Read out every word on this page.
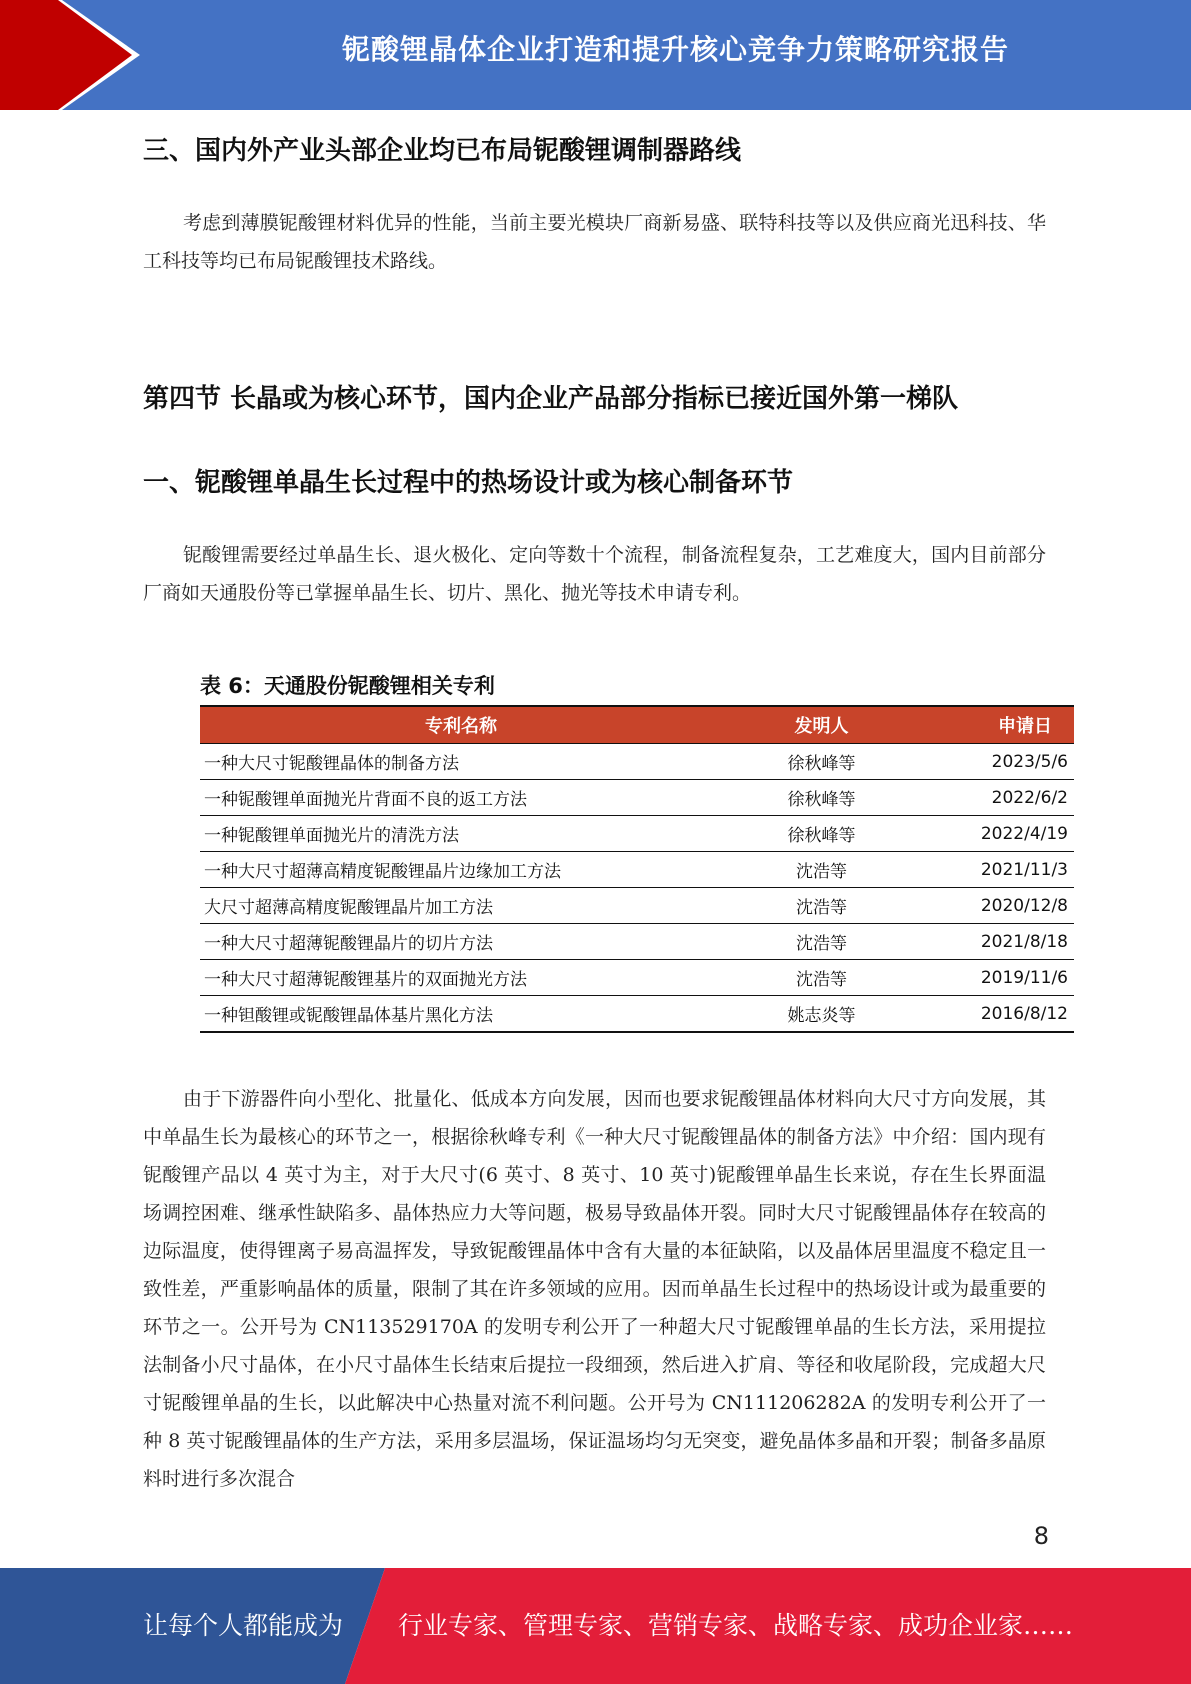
铌酸锂晶体企业打造和提升核心竞争力策略研究报告
三、国内外产业头部企业均已布局铌酸锂调制器路线

考虑到薄膜铌酸锂材料优异的性能，当前主要光模块厂商新易盛、联特科技等以及供应商光迅科技、华工科技等均已布局铌酸锂技术路线。

第四节 长晶或为核心环节，国内企业产品部分指标已接近国外第一梯队
一、铌酸锂单晶生长过程中的热场设计或为核心制备环节

铌酸锂需要经过单晶生长、退火极化、定向等数十个流程，制备流程复杂，工艺难度大，国内目前部分厂商如天通股份等已掌握单晶生长、切片、黑化、抛光等技术申请专利。

表 6：天通股份铌酸锂相关专利
专利名称	发明人	申请日
一种大尺寸铌酸锂晶体的制备方法	徐秋峰等	2023/5/6
一种铌酸锂单面抛光片背面不良的返工方法	徐秋峰等	2022/6/2
一种铌酸锂单面抛光片的清洗方法	徐秋峰等	2022/4/19
一种大尺寸超薄高精度铌酸锂晶片边缘加工方法	沈浩等	2021/11/3
大尺寸超薄高精度铌酸锂晶片加工方法	沈浩等	2020/12/8
一种大尺寸超薄铌酸锂晶片的切片方法	沈浩等	2021/8/18
一种大尺寸超薄铌酸锂基片的双面抛光方法	沈浩等	2019/11/6
一种钽酸锂或铌酸锂晶体基片黑化方法	姚志炎等	2016/8/12

由于下游器件向小型化、批量化、低成本方向发展，因而也要求铌酸锂晶体材料向大尺寸方向发展，其中单晶生长为最核心的环节之一，根据徐秋峰专利《一种大尺寸铌酸锂晶体的制备方法》中介绍：国内现有铌酸锂产品以 4 英寸为主，对于大尺寸(6 英寸、8 英寸、10 英寸)铌酸锂单晶生长来说，存在生长界面温场调控困难、继承性缺陷多、晶体热应力大等问题，极易导致晶体开裂。同时大尺寸铌酸锂晶体存在较高的边际温度，使得锂离子易高温挥发，导致铌酸锂晶体中含有大量的本征缺陷，以及晶体居里温度不稳定且一致性差，严重影响晶体的质量，限制了其在许多领域的应用。因而单晶生长过程中的热场设计或为最重要的环节之一。公开号为 CN113529170A 的发明专利公开了一种超大尺寸铌酸锂单晶的生长方法，采用提拉法制备小尺寸晶体，在小尺寸晶体生长结束后提拉一段细颈，然后进入扩肩、等径和收尾阶段，完成超大尺寸铌酸锂单晶的生长，以此解决中心热量对流不利问题。公开号为 CN111206282A 的发明专利公开了一种 8 英寸铌酸锂晶体的生产方法，采用多层温场，保证温场均匀无突变，避免晶体多晶和开裂；制备多晶原料时进行多次混合

8
让每个人都能成为 行业专家、管理专家、营销专家、战略专家、成功企业家……
